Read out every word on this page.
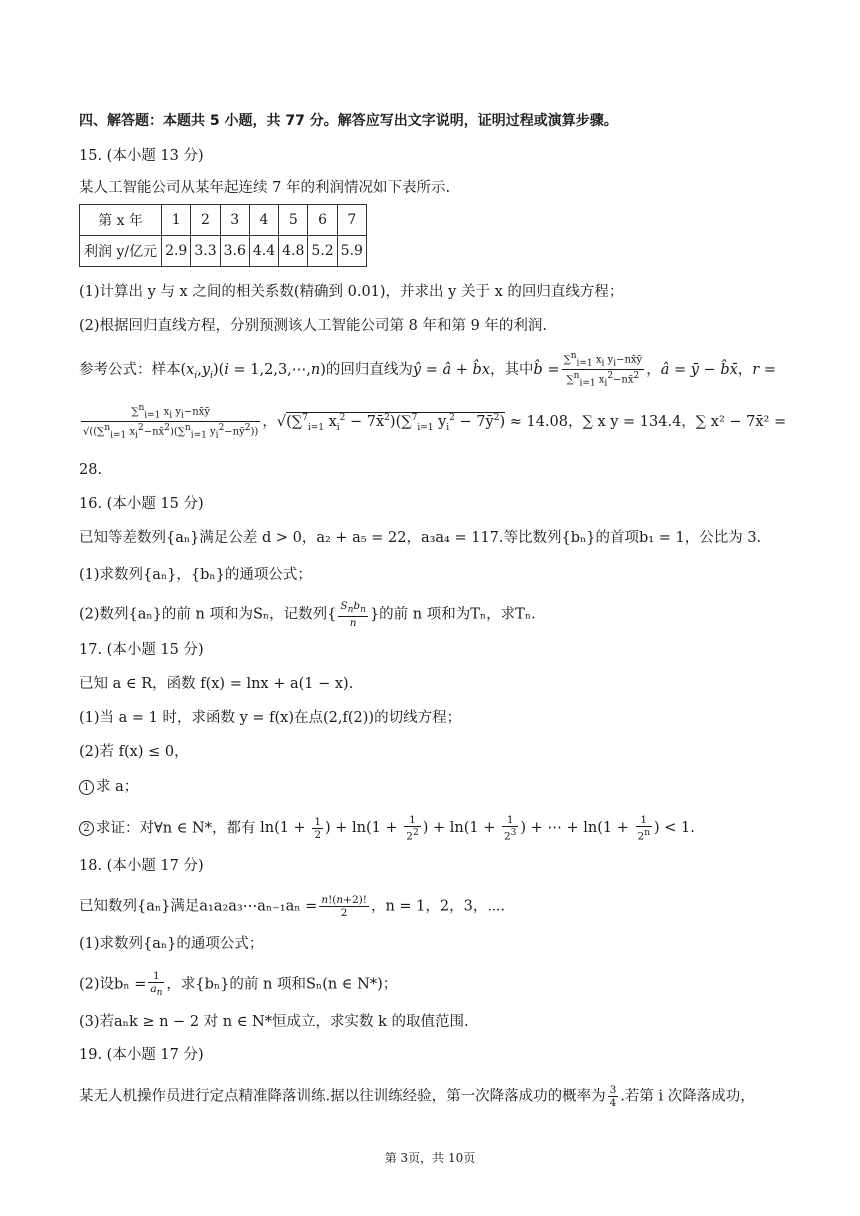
四、解答题：本题共 5 小题，共 77 分。解答应写出文字说明，证明过程或演算步骤。
15. (本小题 13 分)
某人工智能公司从某年起连续 7 年的利润情况如下表所示.
第 x 年	1	2	3	4	5	6	7
利润 y/亿元	2.9	3.3	3.6	4.4	4.8	5.2	5.9
(1)计算出 y 与 x 之间的相关系数(精确到 0.01)，并求出 y 关于 x 的回归直线方程；
(2)根据回归直线方程，分别预测该人工智能公司第 8 年和第 9 年的利润.
参考公式：样本$(x_i,y_i)(i$ = 1,2,3,⋯,n)的回归直线为ŷ = â + b̂x，其中b̂ = $\frac{\sum^n_{i=1} x_i y_i-nx̄ȳ}{\sum^n_{i=1} x_i^2-nx̄^2}$ ，â = ȳ − b̂x̄，r =
$\frac{\sum^n_{i=1} x_i y_i-nx̄ȳ}{√((\sum^n_{i=1} x_i^2-nx̄^2)(\sum^n_{i=1} y_i^2-nȳ^2))}$ ，√(∑$^7_{i=1}$ $x_i^2$ − 7x̄$^2$)(∑$^7_{i=1}$ $y_i^2$ − $7ȳ^2) \approx 14.08$，∑ x y = 134.4，∑ x² − 7x̄² =
28.
16. (本小题 15 分)
已知等差数列{aₙ}满足公差 d > 0，a₂ + a₅ = 22，a₃a₄ = 117.等比数列{bₙ}的首项b₁ = 1，公比为 3.
(1)求数列{aₙ}，{bₙ}的通项公式；
(2)数列{aₙ}的前 n 项和为Sₙ，记数列{ $\frac{S_nb_n}{n}$ }的前 n 项和为Tₙ，求Tₙ.
17. (本小题 15 分)
已知 a ∈ R，函数 f(x) = lnx + a(1 − x).
(1)当 a = 1 时，求函数 y = f(x)在点(2,f(2))的切线方程；
(2)若 f(x) ≤ 0，
1 求 a；
2 求证：对∀n ∈ N*，都有 $\ln(1 + \frac{1}{2}$ ) + $\ln(1 + \frac{1}{2^2}$ ) + $\ln(1 + \frac{1}{2^3}$ ) + ⋯ + $\ln(1 + \frac{1}{2^n}$ ) < 1.
18. (本小题 17 分)
已知数列{aₙ}满足a₁a₂a₃⋯aₙ₋₁aₙ = $\frac{n!(n+2)!}{2}$ ，n = 1，2，3，⋯.
(1)求数列{aₙ}的通项公式；
(2)设$b_n = \frac{1}{a_n}$ ，求{bₙ}的前 n 项和Sₙ(n ∈ N*)；
(3)若aₙk ≥ n − 2 对 n ∈ N*恒成立，求实数 k 的取值范围.
19. (本小题 17 分)
某无人机操作员进行定点精准降落训练.据以往训练经验，第一次降落成功的概率为 $\frac{3}{4}$ .若第 i 次降落成功，
第 3页，共 10页
